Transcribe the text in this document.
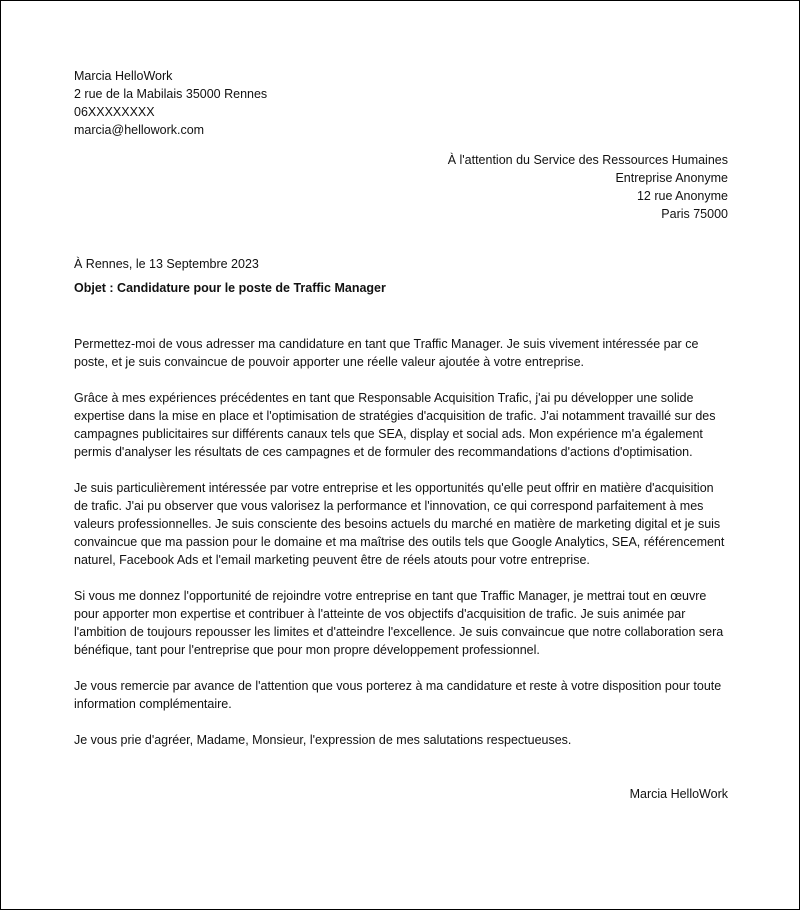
Marcia HelloWork
2 rue de la Mabilais 35000 Rennes
06XXXXXXXX
marcia@hellowork.com
À l'attention du Service des Ressources Humaines
Entreprise Anonyme
12 rue Anonyme
Paris 75000
À Rennes, le 13 Septembre 2023
Objet : Candidature pour le poste de Traffic Manager

Permettez-moi de vous adresser ma candidature en tant que Traffic Manager. Je suis vivement intéressée par ce poste, et je suis convaincue de pouvoir apporter une réelle valeur ajoutée à votre entreprise.

Grâce à mes expériences précédentes en tant que Responsable Acquisition Trafic, j'ai pu développer une solide expertise dans la mise en place et l'optimisation de stratégies d'acquisition de trafic. J'ai notamment travaillé sur des campagnes publicitaires sur différents canaux tels que SEA, display et social ads. Mon expérience m'a également permis d'analyser les résultats de ces campagnes et de formuler des recommandations d'actions d'optimisation.

Je suis particulièrement intéressée par votre entreprise et les opportunités qu'elle peut offrir en matière d'acquisition de trafic. J'ai pu observer que vous valorisez la performance et l'innovation, ce qui correspond parfaitement à mes valeurs professionnelles. Je suis consciente des besoins actuels du marché en matière de marketing digital et je suis convaincue que ma passion pour le domaine et ma maîtrise des outils tels que Google Analytics, SEA, référencement naturel, Facebook Ads et l'email marketing peuvent être de réels atouts pour votre entreprise.

Si vous me donnez l'opportunité de rejoindre votre entreprise en tant que Traffic Manager, je mettrai tout en œuvre pour apporter mon expertise et contribuer à l'atteinte de vos objectifs d'acquisition de trafic. Je suis animée par l'ambition de toujours repousser les limites et d'atteindre l'excellence. Je suis convaincue que notre collaboration sera bénéfique, tant pour l'entreprise que pour mon propre développement professionnel.

Je vous remercie par avance de l'attention que vous porterez à ma candidature et reste à votre disposition pour toute information complémentaire.

Je vous prie d'agréer, Madame, Monsieur, l'expression de mes salutations respectueuses.

Marcia HelloWork
